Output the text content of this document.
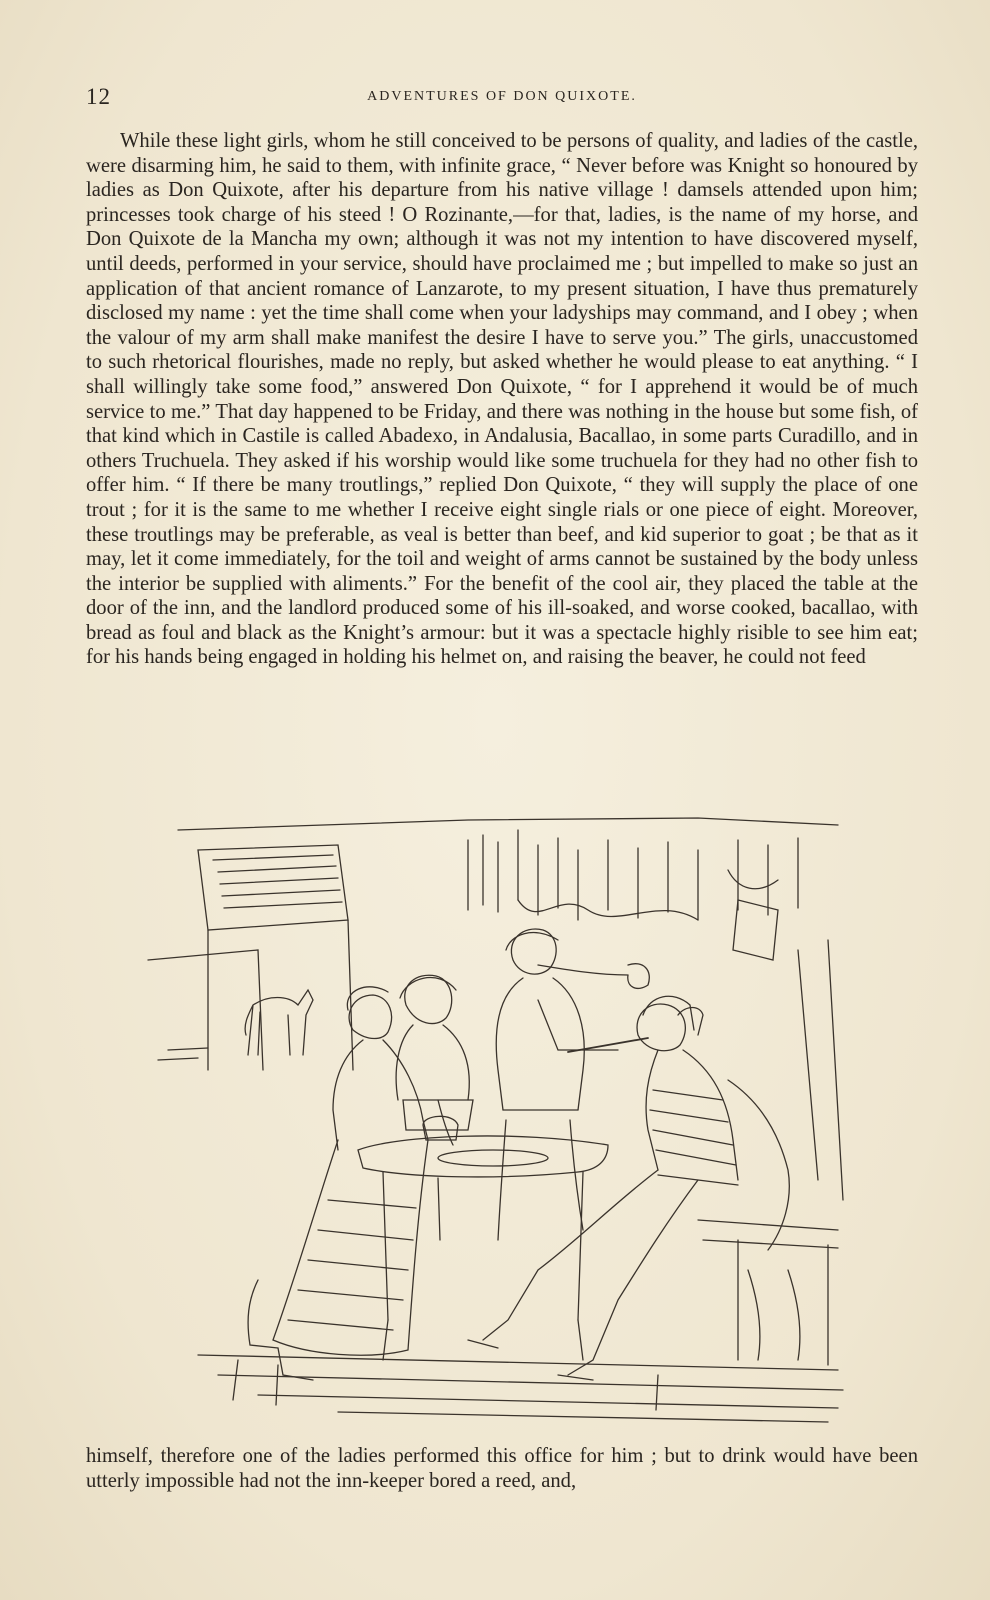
12	ADVENTURES OF DON QUIXOTE.
While these light girls, whom he still conceived to be persons of quality, and ladies of the castle, were disarming him, he said to them, with infinite grace, “ Never before was Knight so honoured by ladies as Don Quixote, after his departure from his native village ! damsels attended upon him; princesses took charge of his steed ! O Rozinante,—for that, ladies, is the name of my horse, and Don Quixote de la Mancha my own; although it was not my intention to have discovered myself, until deeds, performed in your service, should have proclaimed me ; but impelled to make so just an application of that ancient romance of Lanzarote, to my present situation, I have thus prematurely disclosed my name : yet the time shall come when your ladyships may command, and I obey ; when the valour of my arm shall make manifest the desire I have to serve you.” The girls, unaccustomed to such rhetorical flourishes, made no reply, but asked whether he would please to eat anything. “ I shall willingly take some food,” answered Don Quixote, “ for I apprehend it would be of much service to me.” That day happened to be Friday, and there was nothing in the house but some fish, of that kind which in Castile is called Abadexo, in Andalusia, Bacallao, in some parts Curadillo, and in others Truchuela. They asked if his worship would like some truchuela for they had no other fish to offer him. “ If there be many troutlings,” replied Don Quixote, “ they will supply the place of one trout ; for it is the same to me whether I receive eight single rials or one piece of eight. Moreover, these troutlings may be preferable, as veal is better than beef, and kid superior to goat ; be that as it may, let it come immediately, for the toil and weight of arms cannot be sustained by the body unless the interior be supplied with aliments.” For the benefit of the cool air, they placed the table at the door of the inn, and the landlord produced some of his ill-soaked, and worse cooked, bacallao, with bread as foul and black as the Knight’s armour: but it was a spectacle highly risible to see him eat; for his hands being engaged in holding his helmet on, and raising the beaver, he could not feed
himself, therefore one of the ladies performed this office for him ; but to drink would have been utterly impossible had not the inn-keeper bored a reed, and,
